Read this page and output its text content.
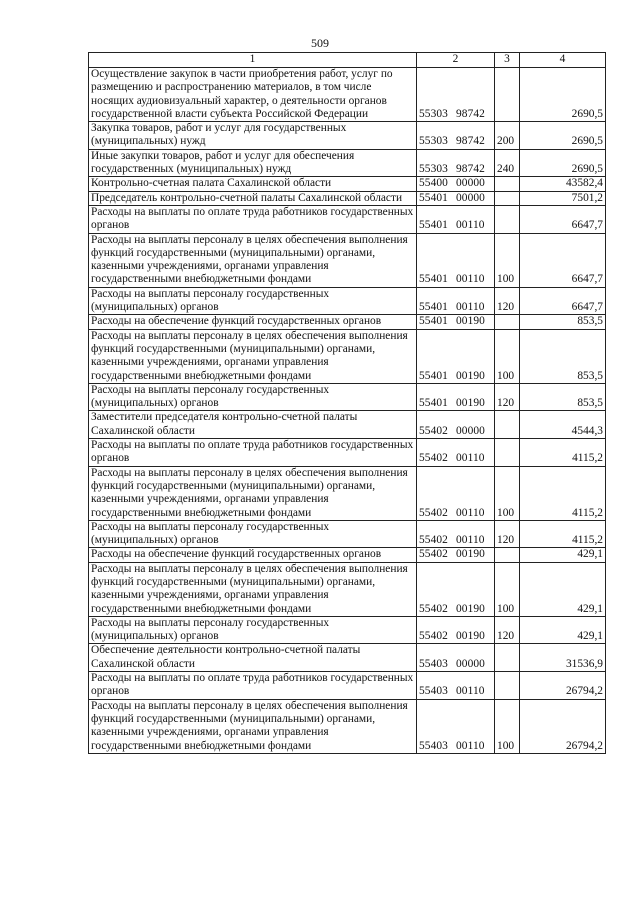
509
1	2	3	4
Осуществление закупок в части приобретения работ, услуг по размещению и распространению материалов, в том числе носящих аудиовизуальный характер, о деятельности органов государственной власти субъекта Российской Федерации	55303 98742		2690,5
Закупка товаров, работ и услуг для государственных (муниципальных) нужд	55303 98742	200	2690,5
Иные закупки товаров, работ и услуг для обеспечения государственных (муниципальных) нужд	55303 98742	240	2690,5
Контрольно-счетная палата Сахалинской области	55400 00000		43582,4
Председатель контрольно-счетной палаты Сахалинской области	55401 00000		7501,2
Расходы на выплаты по оплате труда работников государственных органов	55401 00110		6647,7
Расходы на выплаты персоналу в целях обеспечения выполнения функций государственными (муниципальными) органами, казенными учреждениями, органами управления государственными внебюджетными фондами	55401 00110	100	6647,7
Расходы на выплаты персоналу государственных (муниципальных) органов	55401 00110	120	6647,7
Расходы на обеспечение функций государственных органов	55401 00190		853,5
Расходы на выплаты персоналу в целях обеспечения выполнения функций государственными (муниципальными) органами, казенными учреждениями, органами управления государственными внебюджетными фондами	55401 00190	100	853,5
Расходы на выплаты персоналу государственных (муниципальных) органов	55401 00190	120	853,5
Заместители председателя контрольно-счетной палаты Сахалинской области	55402 00000		4544,3
Расходы на выплаты по оплате труда работников государственных органов	55402 00110		4115,2
Расходы на выплаты персоналу в целях обеспечения выполнения функций государственными (муниципальными) органами, казенными учреждениями, органами управления государственными внебюджетными фондами	55402 00110	100	4115,2
Расходы на выплаты персоналу государственных (муниципальных) органов	55402 00110	120	4115,2
Расходы на обеспечение функций государственных органов	55402 00190		429,1
Расходы на выплаты персоналу в целях обеспечения выполнения функций государственными (муниципальными) органами, казенными учреждениями, органами управления государственными внебюджетными фондами	55402 00190	100	429,1
Расходы на выплаты персоналу государственных (муниципальных) органов	55402 00190	120	429,1
Обеспечение деятельности контрольно-счетной палаты Сахалинской области	55403 00000		31536,9
Расходы на выплаты по оплате труда работников государственных органов	55403 00110		26794,2
Расходы на выплаты персоналу в целях обеспечения выполнения функций государственными (муниципальными) органами, казенными учреждениями, органами управления государственными внебюджетными фондами	55403 00110	100	26794,2
